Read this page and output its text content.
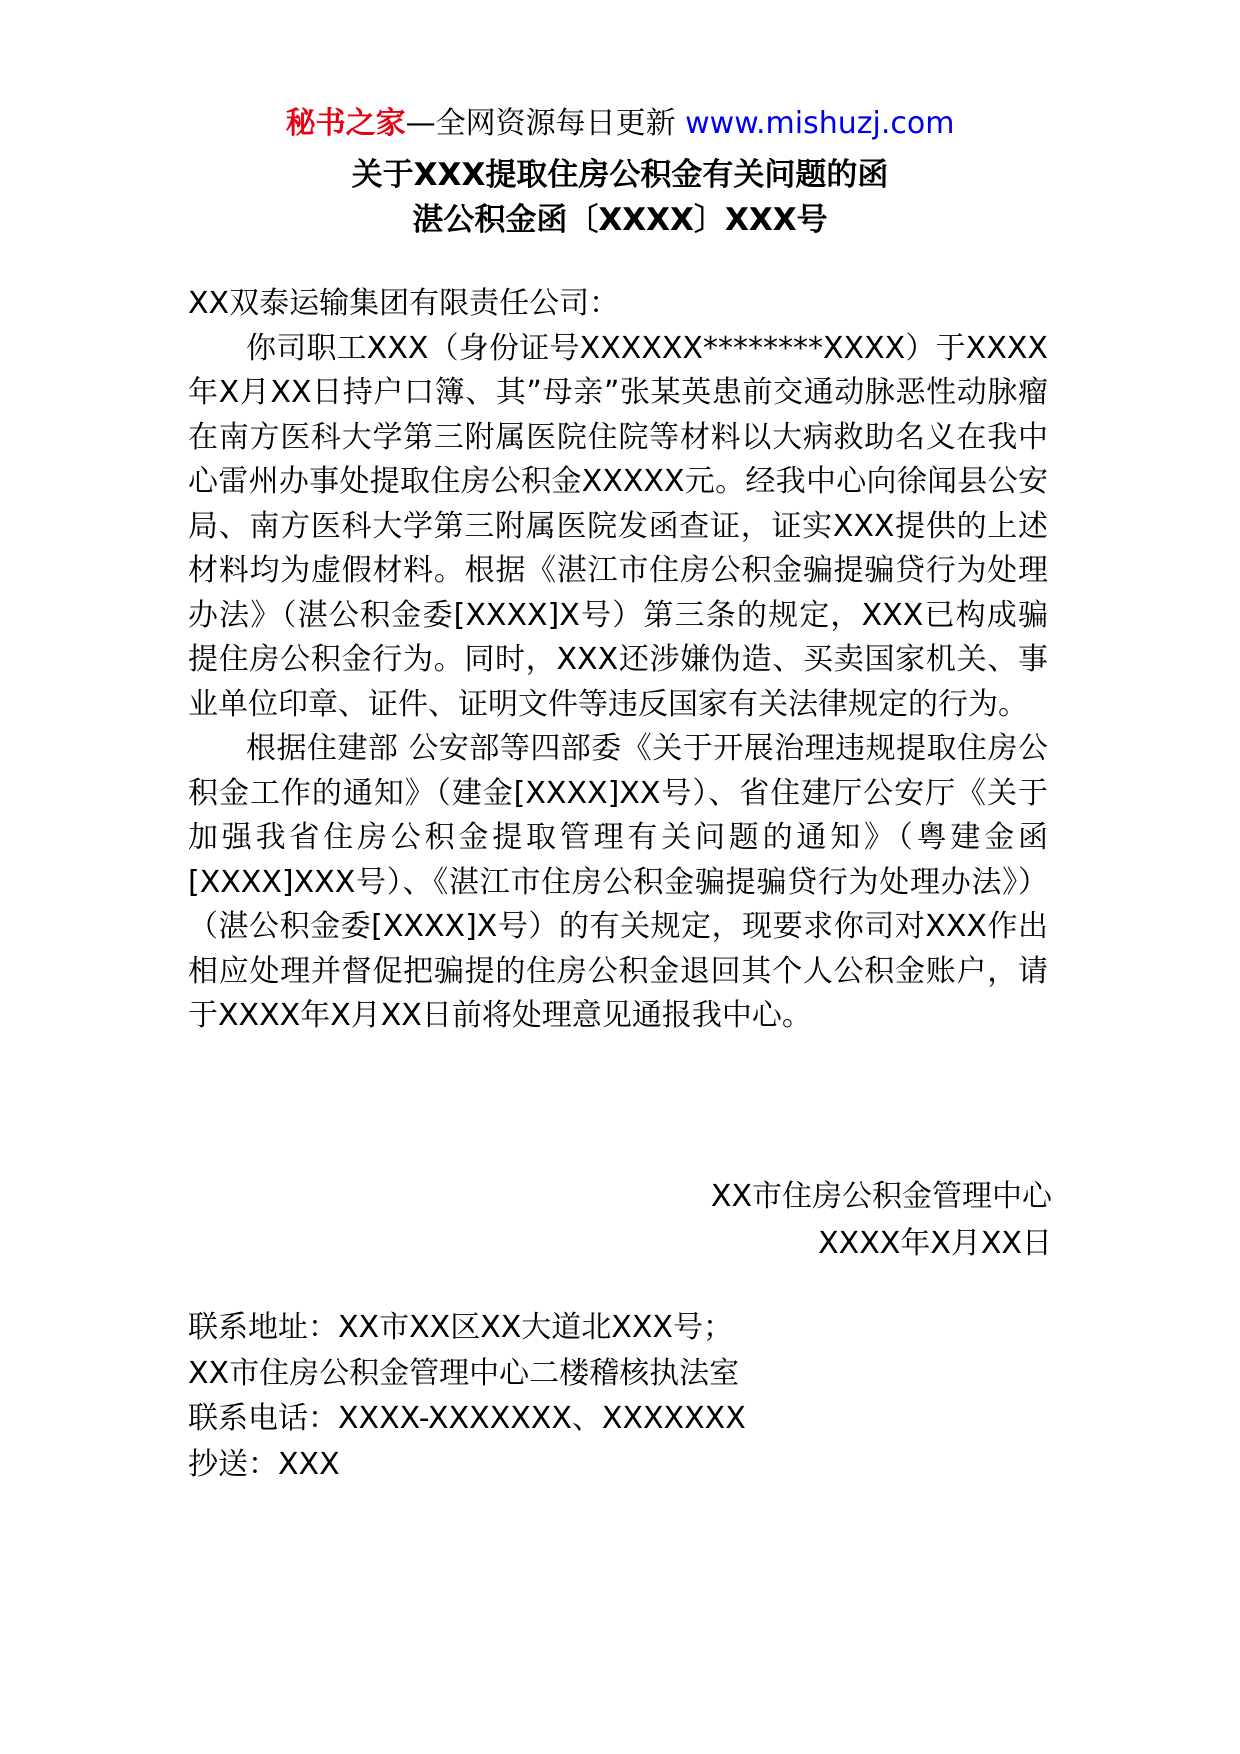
秘书之家—全网资源每日更新 www.mishuzj.com
关于XXX提取住房公积金有关问题的函
湛公积金函〔XXXX〕XXX号

XX双泰运输集团有限责任公司：

你司职工XXX（身份证号XXXXXX********XXXX）于XXXX年X月XX日持户口簿、其”母亲”张某英患前交通动脉恶性动脉瘤在南方医科大学第三附属医院住院等材料以大病救助名义在我中心雷州办事处提取住房公积金XXXXX元。经我中心向徐闻县公安局、南方医科大学第三附属医院发函查证，证实XXX提供的上述材料均为虚假材料。根据《湛江市住房公积金骗提骗贷行为处理办法》（湛公积金委[XXXX]X号）第三条的规定，XXX已构成骗提住房公积金行为。同时，XXX还涉嫌伪造、买卖国家机关、事业单位印章、证件、证明文件等违反国家有关法律规定的行为。

根据住建部 公安部等四部委《关于开展治理违规提取住房公积金工作的通知》（建金[XXXX]XX号）、省住建厅公安厅《关于加强我省住房公积金提取管理有关问题的通知》（粤建金函[XXXX]XXX号）、《湛江市住房公积金骗提骗贷行为处理办法》）（湛公积金委[XXXX]X号）的有关规定，现要求你司对XXX作出相应处理并督促把骗提的住房公积金退回其个人公积金账户，请于XXXX年X月XX日前将处理意见通报我中心。

XX市住房公积金管理中心
XXXX年X月XX日

联系地址：XX市XX区XX大道北XXX号；

XX市住房公积金管理中心二楼稽核执法室

联系电话：XXXX-XXXXXXX、XXXXXXX

抄送：XXX
